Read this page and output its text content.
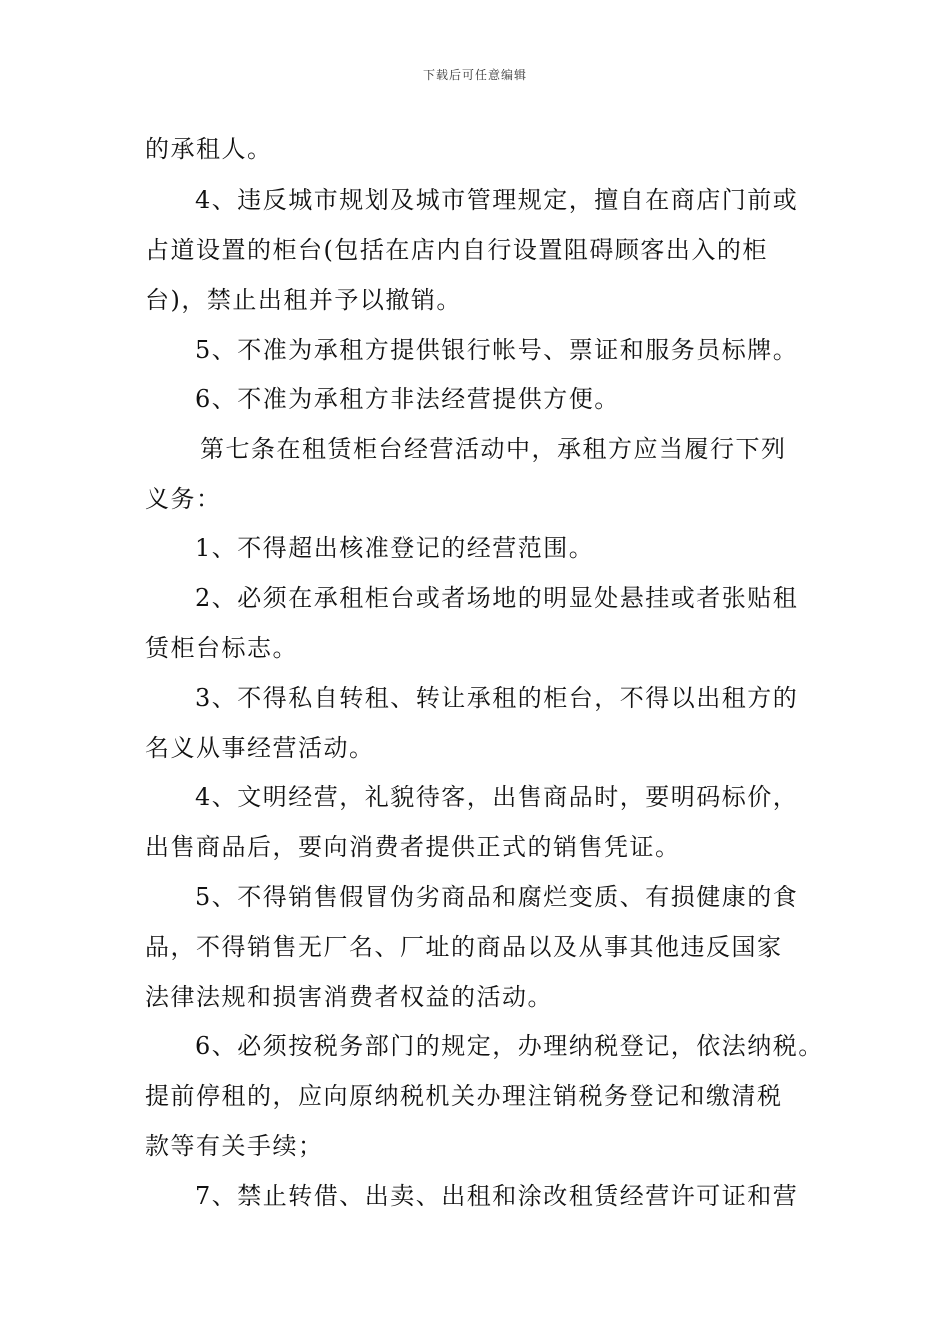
下载后可任意编辑
的承租人。
4、违反城市规划及城市管理规定，擅自在商店门前或
占道设置的柜台(包括在店内自行设置阻碍顾客出入的柜
台)，禁止出租并予以撤销。
5、不准为承租方提供银行帐号、票证和服务员标牌。
6、不准为承租方非法经营提供方便。
第七条在租赁柜台经营活动中，承租方应当履行下列
义务：
1、不得超出核准登记的经营范围。
2、必须在承租柜台或者场地的明显处悬挂或者张贴租
赁柜台标志。
3、不得私自转租、转让承租的柜台，不得以出租方的
名义从事经营活动。
4、文明经营，礼貌待客，出售商品时，要明码标价，
出售商品后，要向消费者提供正式的销售凭证。
5、不得销售假冒伪劣商品和腐烂变质、有损健康的食
品，不得销售无厂名、厂址的商品以及从事其他违反国家
法律法规和损害消费者权益的活动。
6、必须按税务部门的规定，办理纳税登记，依法纳税。
提前停租的，应向原纳税机关办理注销税务登记和缴清税
款等有关手续；
7、禁止转借、出卖、出租和涂改租赁经营许可证和营
